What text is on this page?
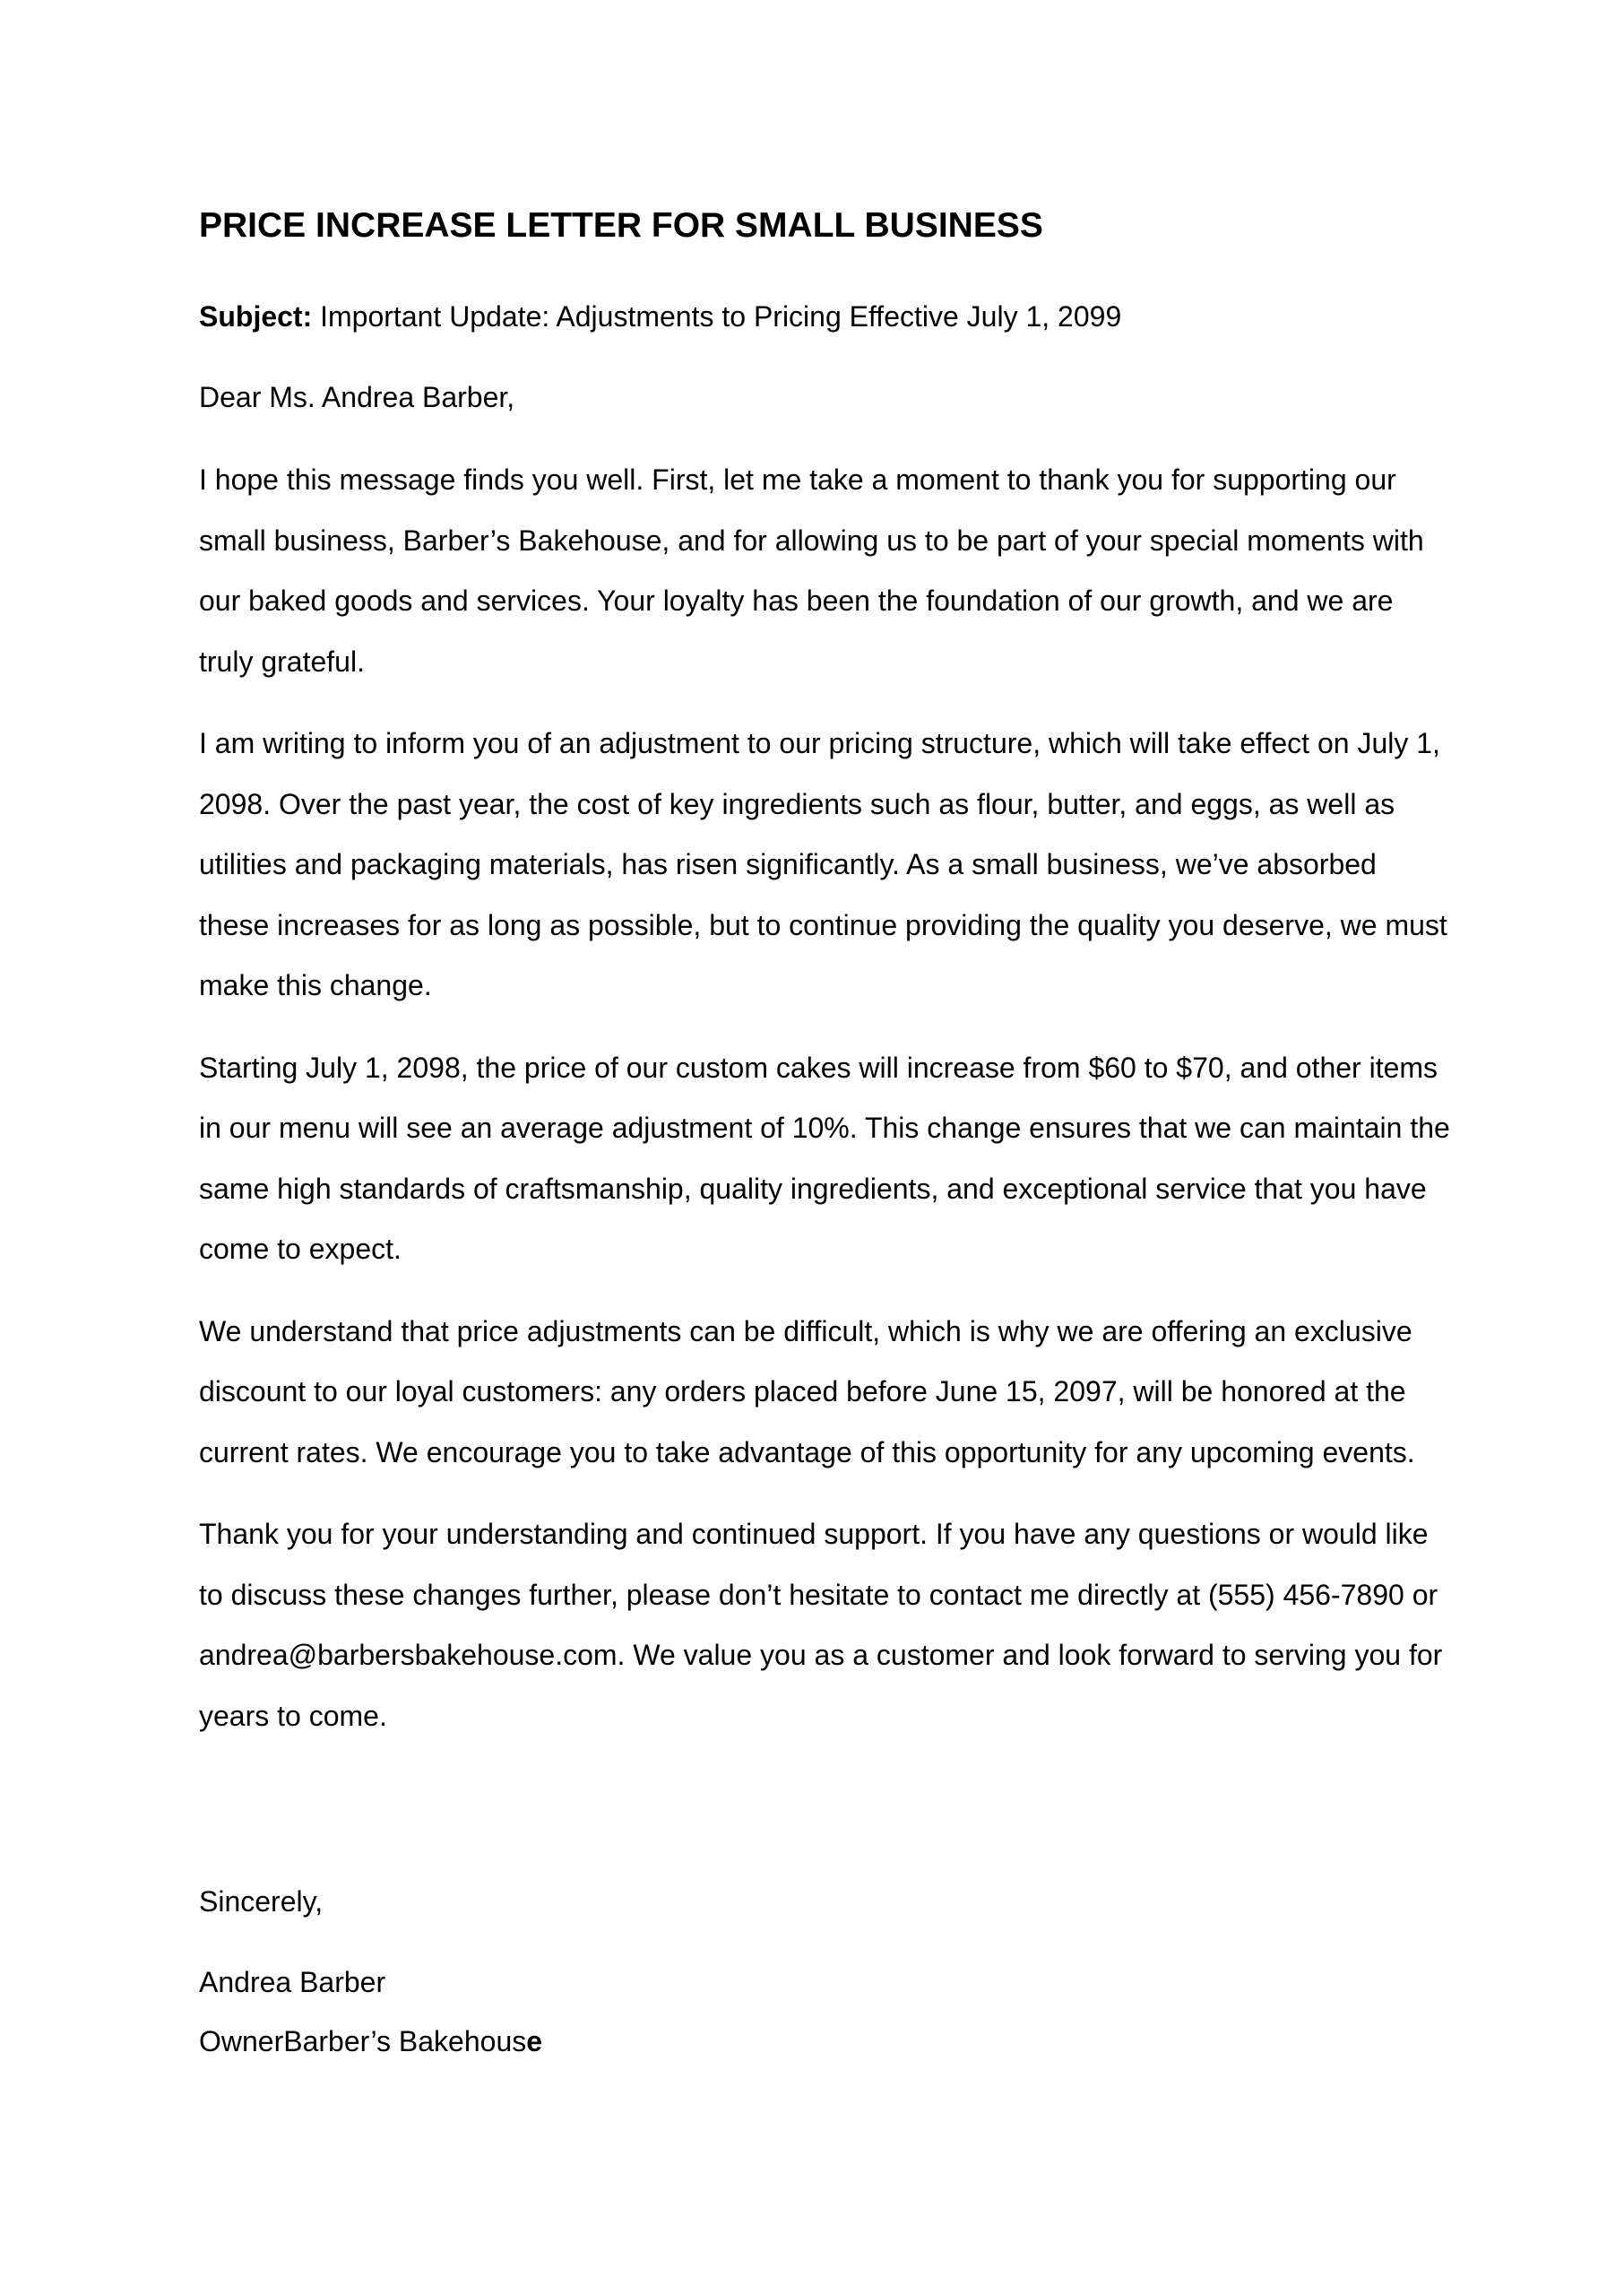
PRICE INCREASE LETTER FOR SMALL BUSINESS

Subject: Important Update: Adjustments to Pricing Effective July 1, 2099

Dear Ms. Andrea Barber,

I hope this message finds you well. First, let me take a moment to thank you for supporting our small business, Barber’s Bakehouse, and for allowing us to be part of your special moments with our baked goods and services. Your loyalty has been the foundation of our growth, and we are truly grateful.

I am writing to inform you of an adjustment to our pricing structure, which will take effect on July 1, 2098. Over the past year, the cost of key ingredients such as flour, butter, and eggs, as well as utilities and packaging materials, has risen significantly. As a small business, we’ve absorbed these increases for as long as possible, but to continue providing the quality you deserve, we must make this change.

Starting July 1, 2098, the price of our custom cakes will increase from $60 to $70, and other items in our menu will see an average adjustment of 10%. This change ensures that we can maintain the same high standards of craftsmanship, quality ingredients, and exceptional service that you have come to expect.

We understand that price adjustments can be difficult, which is why we are offering an exclusive discount to our loyal customers: any orders placed before June 15, 2097, will be honored at the current rates. We encourage you to take advantage of this opportunity for any upcoming events.

Thank you for your understanding and continued support. If you have any questions or would like to discuss these changes further, please don’t hesitate to contact me directly at (555) 456-7890 or andrea@barbersbakehouse.com. We value you as a customer and look forward to serving you for years to come.

Sincerely,

Andrea Barber

OwnerBarber’s Bakehouse
